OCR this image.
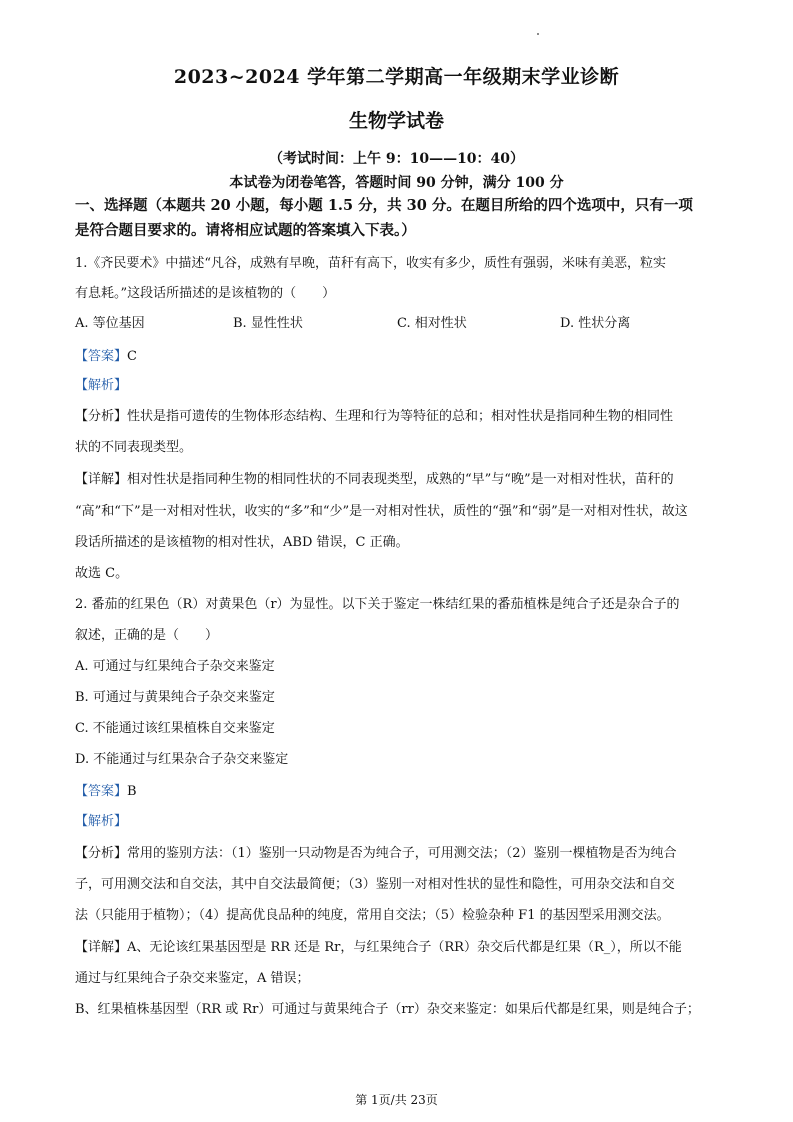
2023~2024 学年第二学期高一年级期末学业诊断
生物学试卷
（考试时间：上午 9：10——10：40）
本试卷为闭卷笔答，答题时间 90 分钟，满分 100 分
一、选择题（本题共 20 小题，每小题 1.5 分，共 30 分。在题目所给的四个选项中，只有一项
是符合题目要求的。请将相应试题的答案填入下表。）
1.《齐民要术》中描述“凡谷，成熟有早晚，苗秆有高下，收实有多少，质性有强弱，米味有美恶，粒实
有息耗。”这段话所描述的是该植物的（　　）
A. 等位基因	B. 显性性状	C. 相对性状	D. 性状分离
【答案】C
【解析】
【分析】性状是指可遗传的生物体形态结构、生理和行为等特征的总和；相对性状是指同种生物的相同性
状的不同表现类型。
【详解】相对性状是指同种生物的相同性状的不同表现类型，成熟的“早”与“晚”是一对相对性状，苗秆的
“高”和“下”是一对相对性状，收实的“多”和“少”是一对相对性状，质性的“强”和“弱”是一对相对性状，故这
段话所描述的是该植物的相对性状，ABD 错误，C 正确。
故选 C。
2. 番茄的红果色（R）对黄果色（r）为显性。以下关于鉴定一株结红果的番茄植株是纯合子还是杂合子的
叙述，正确的是（　　）
A. 可通过与红果纯合子杂交来鉴定
B. 可通过与黄果纯合子杂交来鉴定
C. 不能通过该红果植株自交来鉴定
D. 不能通过与红果杂合子杂交来鉴定
【答案】B
【解析】
【分析】常用的鉴别方法：（1）鉴别一只动物是否为纯合子，可用测交法；（2）鉴别一棵植物是否为纯合
子，可用测交法和自交法，其中自交法最简便；（3）鉴别一对相对性状的显性和隐性，可用杂交法和自交
法（只能用于植物）；（4）提高优良品种的纯度，常用自交法；（5）检验杂种 F1 的基因型采用测交法。
【详解】A、无论该红果基因型是 RR 还是 Rr，与红果纯合子（RR）杂交后代都是红果（R_），所以不能
通过与红果纯合子杂交来鉴定，A 错误；
B、红果植株基因型（RR 或 Rr）可通过与黄果纯合子（rr）杂交来鉴定：如果后代都是红果，则是纯合子；
第 1页/共 23页
